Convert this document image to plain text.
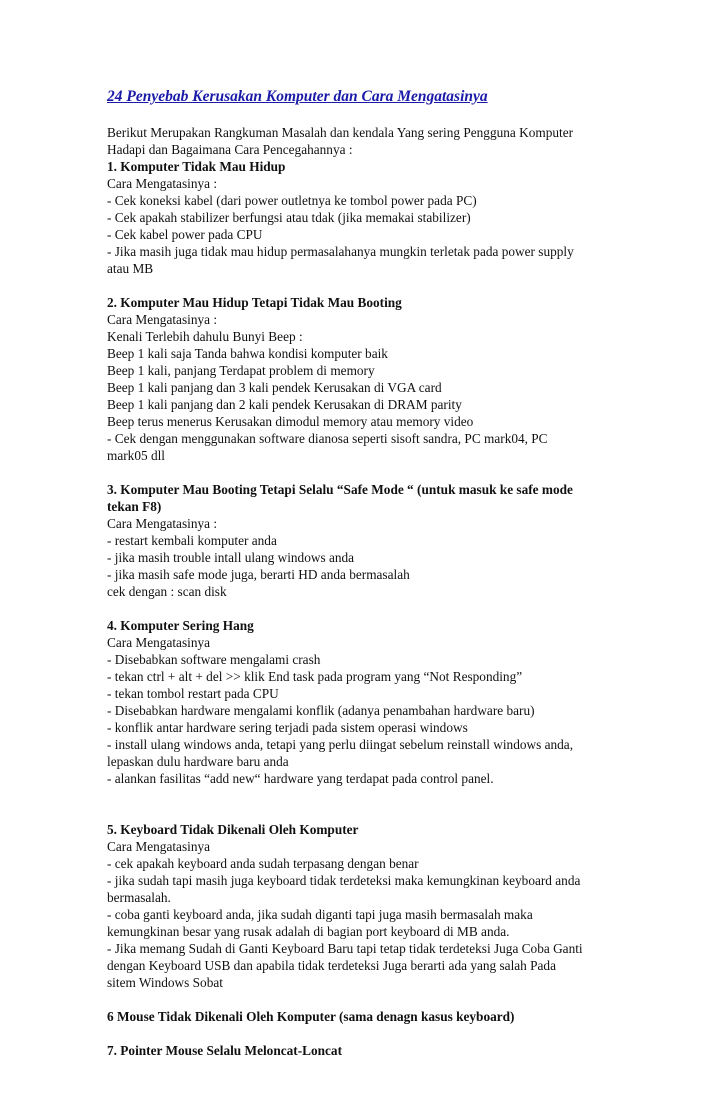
24 Penyebab Kerusakan Komputer dan Cara Mengatasinya
Berikut Merupakan Rangkuman Masalah dan kendala Yang sering Pengguna Komputer
Hadapi dan Bagaimana Cara Pencegahannya :
1. Komputer Tidak Mau Hidup
Cara Mengatasinya :
- Cek koneksi kabel (dari power outletnya ke tombol power pada PC)
- Cek apakah stabilizer berfungsi atau tdak (jika memakai stabilizer)
- Cek kabel power pada CPU
- Jika masih juga tidak mau hidup permasalahanya mungkin terletak pada power supply
atau MB
2. Komputer Mau Hidup Tetapi Tidak Mau Booting
Cara Mengatasinya :
Kenali Terlebih dahulu Bunyi Beep :
Beep 1 kali saja Tanda bahwa kondisi komputer baik
Beep 1 kali, panjang Terdapat problem di memory
Beep 1 kali panjang dan 3 kali pendek Kerusakan di VGA card
Beep 1 kali panjang dan 2 kali pendek Kerusakan di DRAM parity
Beep terus menerus Kerusakan dimodul memory atau memory video
- Cek dengan menggunakan software dianosa seperti sisoft sandra, PC mark04, PC
mark05 dll
3. Komputer Mau Booting Tetapi Selalu “Safe Mode “ (untuk masuk ke safe mode
tekan F8)
Cara Mengatasinya :
- restart kembali komputer anda
- jika masih trouble intall ulang windows anda
- jika masih safe mode juga, berarti HD anda bermasalah
cek dengan : scan disk
4. Komputer Sering Hang
Cara Mengatasinya
- Disebabkan software mengalami crash
- tekan ctrl + alt + del >> klik End task pada program yang “Not Responding”
- tekan tombol restart pada CPU
- Disebabkan hardware mengalami konflik (adanya penambahan hardware baru)
- konflik antar hardware sering terjadi pada sistem operasi windows
- install ulang windows anda, tetapi yang perlu diingat sebelum reinstall windows anda,
lepaskan dulu hardware baru anda
- alankan fasilitas “add new“ hardware yang terdapat pada control panel.
5. Keyboard Tidak Dikenali Oleh Komputer
Cara Mengatasinya
- cek apakah keyboard anda sudah terpasang dengan benar
- jika sudah tapi masih juga keyboard tidak terdeteksi maka kemungkinan keyboard anda
bermasalah.
- coba ganti keyboard anda, jika sudah diganti tapi juga masih bermasalah maka
kemungkinan besar yang rusak adalah di bagian port keyboard di MB anda.
- Jika memang Sudah di Ganti Keyboard Baru tapi tetap tidak terdeteksi Juga Coba Ganti
dengan Keyboard USB dan apabila tidak terdeteksi Juga berarti ada yang salah Pada
sitem Windows Sobat
6 Mouse Tidak Dikenali Oleh Komputer (sama denagn kasus keyboard)
7. Pointer Mouse Selalu Meloncat-Loncat
